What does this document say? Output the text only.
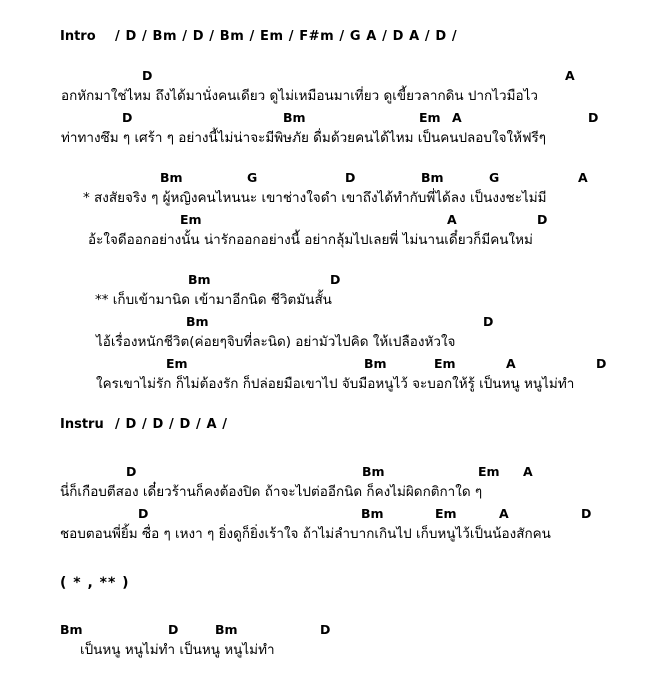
Intro / D / Bm / D / Bm / Em / F#m / G A / D A / D /
D	A
อกหักมาใช่ไหม ถึงได้มานั่งคนเดียว ดูไม่เหมือนมาเที่ยว ดูเขี้ยวลากดิน ปากไวมือไว
D	Bm	Em A	D
ท่าทางซึม ๆ เศร้า ๆ อย่างนี้ไม่น่าจะมีพิษภัย ดื่มด้วยคนได้ไหม เป็นคนปลอบใจให้ฟรีๆ
Bm	G	D	Bm	G	A
* สงสัยจริง ๆ ผู้หญิงคนไหนนะ เขาช่างใจดำ เขาถึงได้ทำกับพี่ได้ลง เป็นงงชะไม่มี
Em	A	D
อ้ะใจดีออกอย่างนั้น น่ารักออกอย่างนี้ อย่ากลุ้มไปเลยพี่ ไม่นานเดี๋ยวก็มีคนใหม่
Bm	D
** เก็บเข้ามานิด เข้ามาอีกนิด ชีวิตมันสั้น
Bm	D
ไอ้เรื่องหนักชีวิต(ค่อยๆจิบที่ละนิด) อย่ามัวไปคิด ให้เปลืองหัวใจ
Em	Bm	Em	A	D
ใครเขาไม่รัก ก็ไม่ต้องรัก ก็ปล่อยมือเขาไป จับมือหนูไว้ จะบอกให้รู้ เป็นหนู หนูไม่ทำ
Instru / D / D / D / A /
D	Bm	Em A
นี่ก็เกือบตีสอง เดี๋ยวร้านก็คงต้องปิด ถ้าจะไปต่ออีกนิด ก็คงไม่ผิดกติกาใด ๆ
D	Bm	Em	A	D
ชอบตอนพี่ยิ้ม ซื่อ ๆ เหงา ๆ ยิ่งดูก็ยิ่งเร้าใจ ถ้าไม่ลำบากเกินไป เก็บหนูไว้เป็นน้องสักคน
( * , ** )
Bm	D	Bm	D
เป็นหนู หนูไม่ทำ เป็นหนู หนูไม่ทำ
